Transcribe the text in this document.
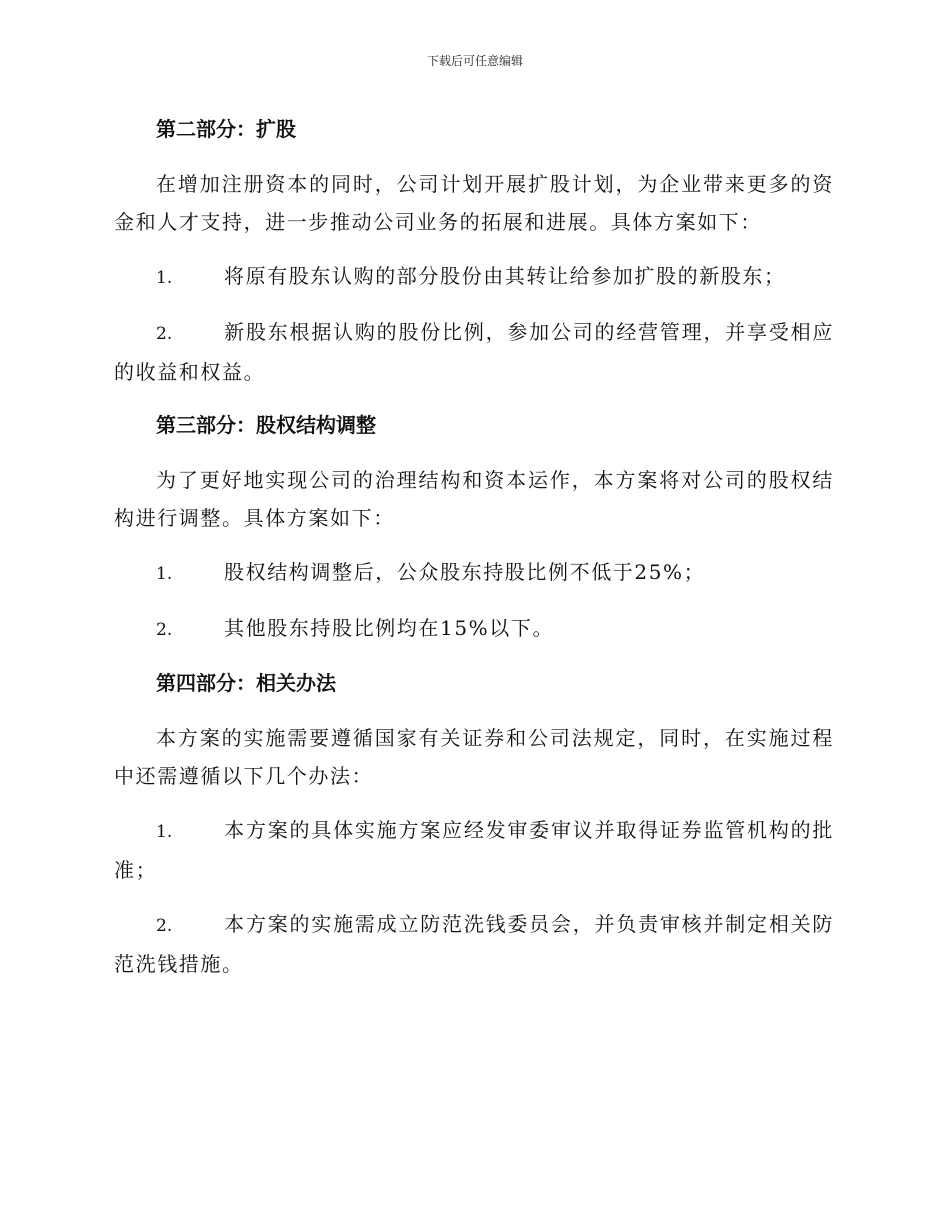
下载后可任意编辑
第二部分：扩股

在增加注册资本的同时，公司计划开展扩股计划，为企业带来更多的资金和人才支持，进一步推动公司业务的拓展和进展。具体方案如下：

1.	将原有股东认购的部分股份由其转让给参加扩股的新股东；

2.	新股东根据认购的股份比例，参加公司的经营管理，并享受相应的收益和权益。

第三部分：股权结构调整

为了更好地实现公司的治理结构和资本运作，本方案将对公司的股权结构进行调整。具体方案如下：

1.	股权结构调整后，公众股东持股比例不低于25%；

2.	其他股东持股比例均在15%以下。

第四部分：相关办法

本方案的实施需要遵循国家有关证券和公司法规定，同时，在实施过程中还需遵循以下几个办法：

1.	本方案的具体实施方案应经发审委审议并取得证券监管机构的批准；

2.	本方案的实施需成立防范洗钱委员会，并负责审核并制定相关防范洗钱措施。
